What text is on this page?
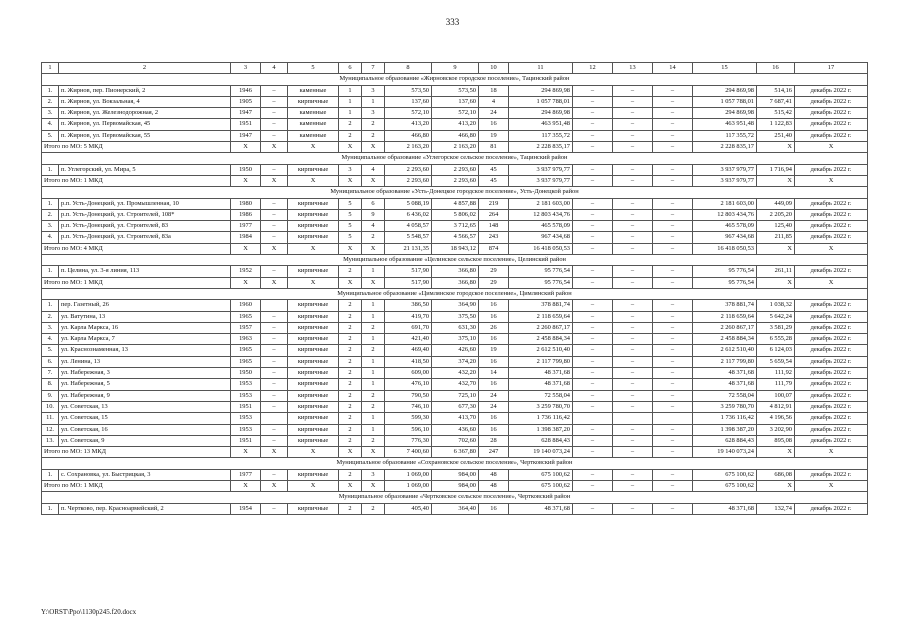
333
1	2	3	4	5	6	7	8	9	10	11	12	13	14	15	16	17
Муниципальное образование «Жирновское городское поселение», Тацинский район																
1.	п. Жирнов, пер. Пионерский, 2	1946	–	каменные	1	3	573,50	573,50	18	294 869,98	–	–	–	294 869,98	514,16	декабрь 2022 г.
2.	п. Жирнов, ул. Вокзальная, 4	1905	–	кирпичные	1	1	137,60	137,60	4	1 057 788,01	–	–	–	1 057 788,01	7 687,41	декабрь 2022 г.
3.	п. Жирнов, ул. Железнодорожная, 2	1947	–	каменные	1	3	572,10	572,10	24	294 869,98	–	–	–	294 869,98	515,42	декабрь 2022 г.
4.	п. Жирнов, ул. Первомайская, 45	1951	–	каменные	2	2	413,20	413,20	16	463 951,48	–	–	–	463 951,48	1 122,83	декабрь 2022 г.
5.	п. Жирнов, ул. Первомайская, 55	1947	–	каменные	2	2	466,80	466,80	19	117 355,72	–	–	–	117 355,72	251,40	декабрь 2022 г.
Итого по МО: 5 МКД		X	X	X	X	X	2 163,20	2 163,20	81	2 228 835,17	–	–	–	2 228 835,17	X	X
Муниципальное образование «Углегорское сельское поселение», Тацинский район																
1.	п. Углегорский, ул. Мира, 5	1950	–	кирпичные	3	4	2 293,60	2 293,60	45	3 937 979,77	–	–	–	3 937 979,77	1 716,94	декабрь 2022 г.
Итого по МО: 1 МКД		X	X	X	X	X	2 293,60	2 293,60	45	3 937 979,77	–	–	–	3 937 979,77	X	X
Муниципальное образование «Усть-Донецкое городское поселение», Усть-Донецкой район																
1.	р.п. Усть-Донецкий, ул. Промышленная, 10	1980	–	кирпичные	5	6	5 088,19	4 857,88	219	2 181 603,00	–	–	–	2 181 603,00	449,09	декабрь 2022 г.
2.	р.п. Усть-Донецкий, ул. Строителей, 108*	1986	–	кирпичные	5	9	6 436,02	5 806,02	264	12 803 434,76	–	–	–	12 803 434,76	2 205,20	декабрь 2022 г.
3.	р.п. Усть-Донецкий, ул. Строителей, 83	1977	–	кирпичные	5	4	4 058,57	3 712,65	148	465 578,09	–	–	–	465 578,09	125,40	декабрь 2022 г.
4.	р.п. Усть-Донецкий, ул. Строителей, 83а	1984	–	кирпичные	5	2	5 548,57	4 566,57	243	967 434,68	–	–	–	967 434,68	211,85	декабрь 2022 г.
Итого по МО: 4 МКД		X	X	X	X	X	21 131,35	18 943,12	874	16 418 050,53	–	–	–	16 418 050,53	X	X
Муниципальное образование «Целинское сельское поселение», Целинский район																
1.	п. Целина, ул. 3-я линия, 113	1952	–	кирпичные	2	1	517,90	366,80	29	95 776,54	–	–	–	95 776,54	261,11	декабрь 2022 г.
Итого по МО: 1 МКД		X	X	X	X	X	517,90	366,80	29	95 776,54	–	–	–	95 776,54	X	X
Муниципальное образование «Цимлянское городское поселение», Цимлянский район																
1.	пер. Газетный, 26	1960		кирпичные	2	1	386,50	364,90	16	378 881,74	–	–	–	378 881,74	1 038,32	декабрь 2022 г.
2.	ул. Ватутина, 13	1965	–	кирпичные	2	1	419,70	375,50	16	2 118 659,64	–	–	–	2 118 659,64	5 642,24	декабрь 2022 г.
3.	ул. Карла Маркса, 16	1957	–	кирпичные	2	2	691,70	631,30	26	2 260 867,17	–	–	–	2 260 867,17	3 581,29	декабрь 2022 г.
4.	ул. Карла Маркса, 7	1963	–	кирпичные	2	1	421,40	375,10	16	2 458 884,34	–	–	–	2 458 884,34	6 555,28	декабрь 2022 г.
5.	ул. Краснознаменная, 13	1965	–	кирпичные	2	2	469,40	426,60	19	2 612 510,40	–	–	–	2 612 510,40	6 124,03	декабрь 2022 г.
6.	ул. Ленина, 13	1965	–	кирпичные	2	1	418,50	374,20	16	2 117 799,80	–	–	–	2 117 799,80	5 659,54	декабрь 2022 г.
7.	ул. Набережная, 3	1950	–	кирпичные	2	1	609,00	432,20	14	48 371,68	–	–	–	48 371,68	111,92	декабрь 2022 г.
8.	ул. Набережная, 5	1953	–	кирпичные	2	1	476,10	432,70	16	48 371,68	–	–	–	48 371,68	111,79	декабрь 2022 г.
9.	ул. Набережная, 9	1953	–	кирпичные	2	2	790,50	725,10	24	72 558,04	–	–	–	72 558,04	100,07	декабрь 2022 г.
10.	ул. Советская, 13	1951	–	кирпичные	2	2	746,10	677,30	24	3 259 780,70	–	–	–	3 259 780,70	4 812,91	декабрь 2022 г.
11.	ул. Советская, 15	1953		кирпичные	2	1	599,30	413,70	16	1 736 116,42				1 736 116,42	4 196,56	декабрь 2022 г.
12.	ул. Советская, 16	1953	–	кирпичные	2	1	596,10	436,60	16	1 398 387,20	–	–	–	1 398 387,20	3 202,90	декабрь 2022 г.
13.	ул. Советская, 9	1951	–	кирпичные	2	2	776,30	702,60	28	628 884,43	–	–	–	628 884,43	895,08	декабрь 2022 г.
Итого по МО: 13 МКД		X	X	X	X	X	7 400,60	6 367,80	247	19 140 073,24	–	–	–	19 140 073,24	X	X
Муниципальное образование «Сохрановское сельское поселение», Чертковский район																
1.	с. Сохрановка, ул. Быстрицкая, 3	1977	–	кирпичные	2	3	1 069,00	984,00	48	675 100,62	–	–	–	675 100,62	686,08	декабрь 2022 г.
Итого по МО: 1 МКД		X	X	X	X	X	1 069,00	984,00	48	675 100,62	–	–	–	675 100,62	X	X
Муниципальное образование «Чертковское сельское поселение», Чертковский район																
1.	п. Чертково, пер. Красноармейский, 2	1954	–	кирпичные	2	2	405,40	364,40	16	48 371,68	–	–	–	48 371,68	132,74	декабрь 2022 г.
Y:\ORST\Ppo\1130p245.f20.docx
